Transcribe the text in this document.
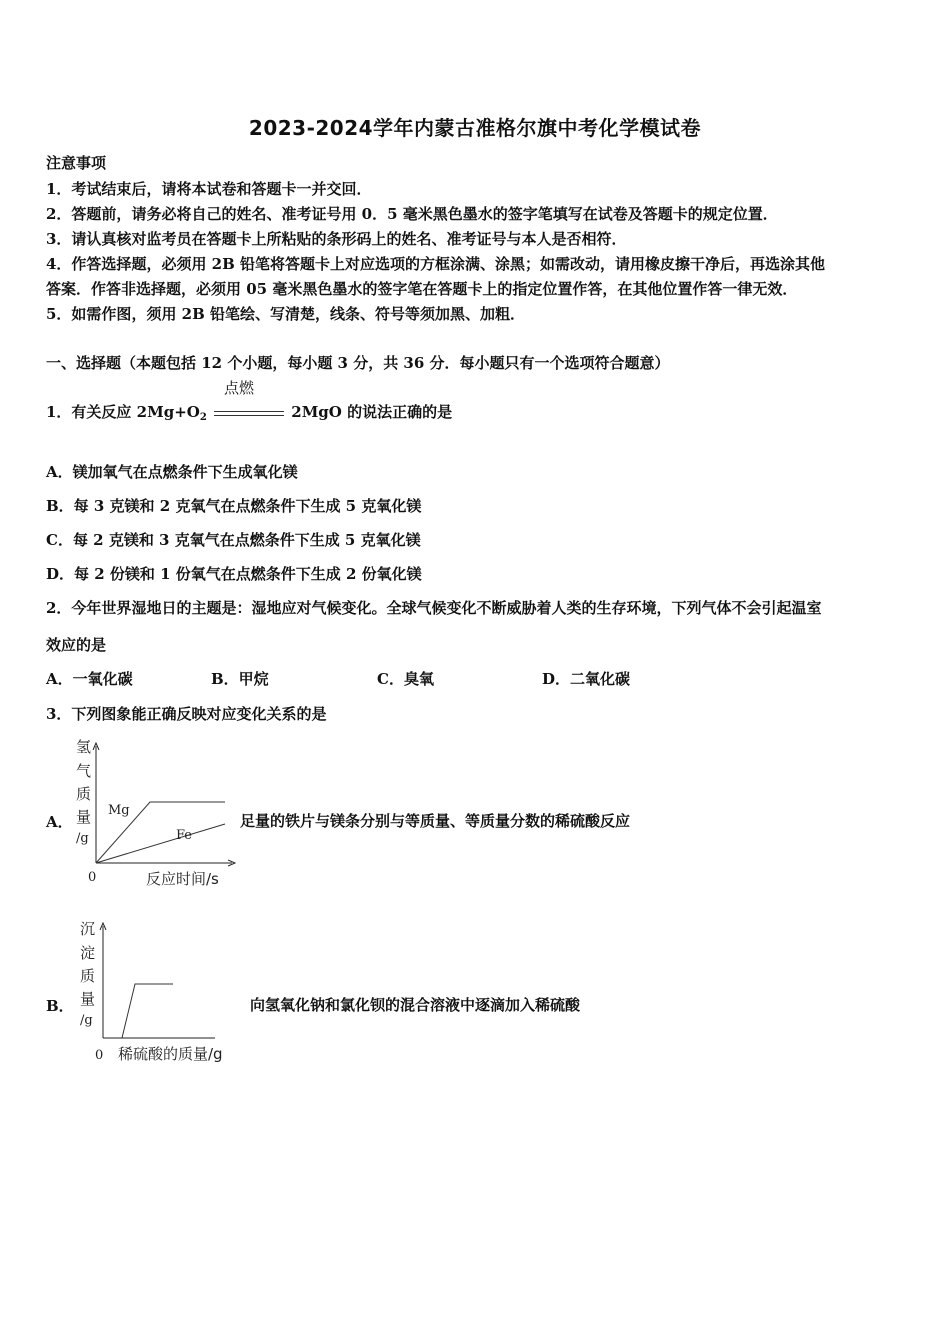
2023-2024学年内蒙古准格尔旗中考化学模试卷
注意事项
1．考试结束后，请将本试卷和答题卡一并交回．
2．答题前，请务必将自己的姓名、准考证号用 0．5 毫米黑色墨水的签字笔填写在试卷及答题卡的规定位置．
3．请认真核对监考员在答题卡上所粘贴的条形码上的姓名、准考证号与本人是否相符．
4．作答选择题，必须用 2B 铅笔将答题卡上对应选项的方框涂满、涂黑；如需改动，请用橡皮擦干净后，再选涂其他
答案．作答非选择题，必须用 05 毫米黑色墨水的签字笔在答题卡上的指定位置作答，在其他位置作答一律无效．
5．如需作图，须用 2B 铅笔绘、写清楚，线条、符号等须加黑、加粗．
一、选择题（本题包括 12 个小题，每小题 3 分，共 36 分．每小题只有一个选项符合题意）
1．有关反应 $2Mg+O_2$
点燃
2MgO 的说法正确的是
A．镁加氧气在点燃条件下生成氧化镁
B．每 3 克镁和 2 克氧气在点燃条件下生成 5 克氧化镁
C．每 2 克镁和 3 克氧气在点燃条件下生成 5 克氧化镁
D．每 2 份镁和 1 份氧气在点燃条件下生成 2 份氧化镁
2．今年世界湿地日的主题是：湿地应对气候变化。全球气候变化不断威胁着人类的生存环境，下列气体不会引起温室
效应的是
A．一氧化碳	B．甲烷	C．臭氧	D．二氧化碳
3．下列图象能正确反映对应变化关系的是
A．
氢
气
质
量
/g
Mg
Fe
0	反应时间/s
足量的铁片与镁条分别与等质量、等质量分数的稀硫酸反应
B．
沉
淀
质
量
/g
0 稀硫酸的质量/g
向氢氧化钠和氯化钡的混合溶液中逐滴加入稀硫酸
